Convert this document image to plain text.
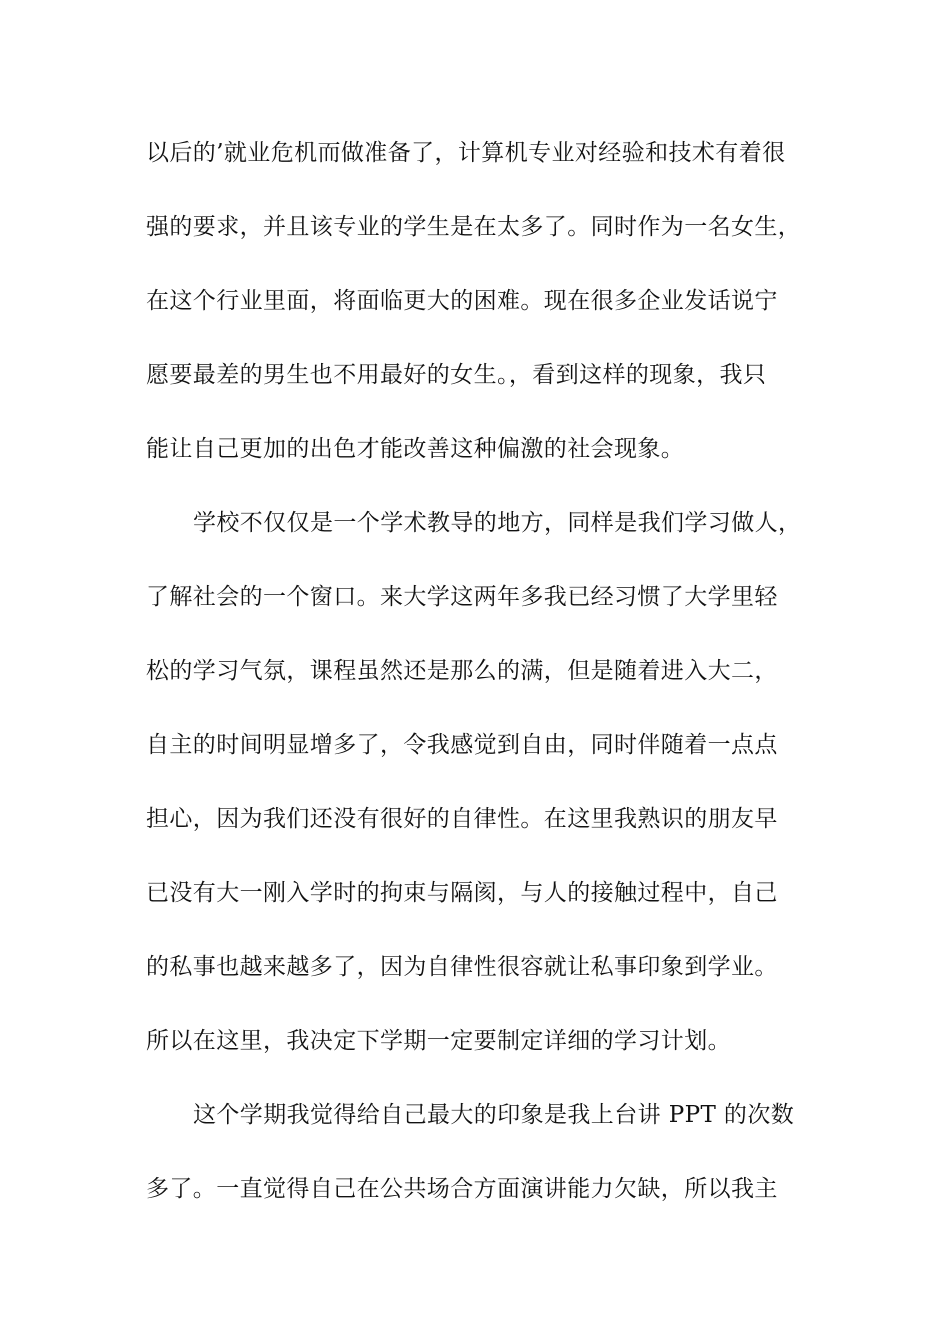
以后的’就业危机而做准备了，计算机专业对经验和技术有着很
强的要求，并且该专业的学生是在太多了。同时作为一名女生，
在这个行业里面，将面临更大的困难。现在很多企业发话说宁
愿要最差的男生也不用最好的女生。，看到这样的现象，我只
能让自己更加的出色才能改善这种偏激的社会现象。
学校不仅仅是一个学术教导的地方，同样是我们学习做人，
了解社会的一个窗口。来大学这两年多我已经习惯了大学里轻
松的学习气氛，课程虽然还是那么的满，但是随着进入大二，
自主的时间明显增多了，令我感觉到自由，同时伴随着一点点
担心，因为我们还没有很好的自律性。在这里我熟识的朋友早
已没有大一刚入学时的拘束与隔阂，与人的接触过程中，自己
的私事也越来越多了，因为自律性很容就让私事印象到学业。
所以在这里，我决定下学期一定要制定详细的学习计划。
这个学期我觉得给自己最大的印象是我上台讲 PPT 的次数
多了。一直觉得自己在公共场合方面演讲能力欠缺，所以我主
